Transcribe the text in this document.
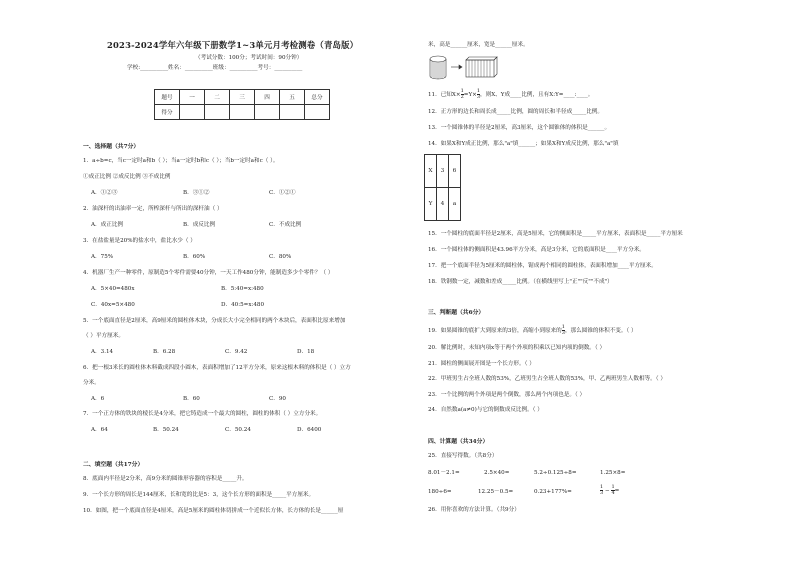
2023-2024学年六年级下册数学1~3单元月考检测卷（青岛版）
（考试分数：100分；考试时间：90分钟）
学校:__________姓名：__________班级：__________考号：__________
题号	一	二	三	四	五	总分
得分						
一、选择题（共7分）
1．a÷b=c，当c一定时a和b（ ）；当a一定时b和c（ ）；当b一定时a和c（ ）。
①成正比例 ②成反比例 ③不成比例
A．①②③	B．③①②	C．①②①
2．油深杆的出油率一定，所榨深杆与所出的深杆油（ ）
A．成正比例	B．成反比例	C．不成比例
3．在盐盐量是20%的盐水中，盐比水少（ ）
A．75%	B．60%	C．80%
4．机器厂生产一种零件，原制造5个零件需要40分钟，一天工作480分钟，能制造多少个零件？（ ）
A．5×40=480x	B．5:40=x:480
C．40x=5×480	D．40:5=x:480
5．一个底面直径是2厘米，高9厘米的圆柱体木块，分成长大小完全相同的两个木块后，表面积比原来增加
（ ）平方厘米。
A．3.14	B．6.28	C．9.42	D．18
6．把一根3米长的圆柱体木料截成四段小圆木，表面积增加了12平方分米，原来这根木料的体积是（ ）立方
分米。
A．6	B．60	C．90
7．一个正方体的铁块的棱长是4分米，把它铸造成一个最大的圆柱，圆柱的体积（ ）立方分米。
A．64	B．50.24	C．50.24	D．6400
二、填空题（共17分）
8．底面内半径是2分米，高9分米的圆锥形容器的容积是_____升。
9．一个长方形的周长是144厘米，长和宽的比是5：3，这个长方形的面积是_____平方厘米。
10．如图，把一个底面直径是4厘米，高是5厘米的圆柱体切拼成一个近似长方体，长方体的长是______厘
米，高是______厘米，宽是______厘米。
11．已知$X\times \frac{1}{2} =Y\times \frac{1}{3}$ ，则X、Y成____比例，且有X:Y=____:____。
12．正方形的边长和周长成_____比例，圆的周长和半径成_____比例。
13．一个圆锥体的半径是2厘米，高3厘米，这个圆锥体的体积是______。
14．如果X和Y成正比例，那么"a"填______；如果X和Y成反比例，那么"a"填
X	3	6
Y	4	a
15．一个圆柱的底面半径是2厘米，高是5厘米，它的侧面积是_____平方厘米，表面积是_____平方厘米
16．一个圆柱体的侧面积是43.96平方分米，高是3分米，它的底面积是____平方分米。
17．把一个底面半径为5厘米的圆柱体，锯成两个相同的圆柱体，表面积增加____平方厘米。
18．铁钢数一定，减数和差成_____比例。（在横线里写上"正""反""不成"）
三、判断题（共6分）
19．如果圆锥的底扩大到原来的3倍，高缩小到原来的 $\frac{1}{3}$ ，那么圆锥的体积不变。（ ）
20．解比例时，未知内项x等于两个外项的积乘以已知内项的倒数。（ ）
21．圆柱的侧面展开图是一个长方形。（ ）
22．甲班男生占全班人数的53%，乙班男生占全班人数的53%，甲、乙两班男生人数相等。（ ）
23．一个比例的两个外项是两个倒数，那么两个内项也是。（ ）
24．自然数a(a≠0)与它的倒数成反比例。（ ）
四、计算题（共34分）
25．直接写得数。（共8分）
8.01－2.1=	2.5×40=	5.2÷0.125÷8=	1.25×8=
180÷6=	12.25－0.5=	0.23+177%=	$\frac{1}{3} - \frac{1}{4}$ =
26．用你喜欢的方法计算。（共9分）
